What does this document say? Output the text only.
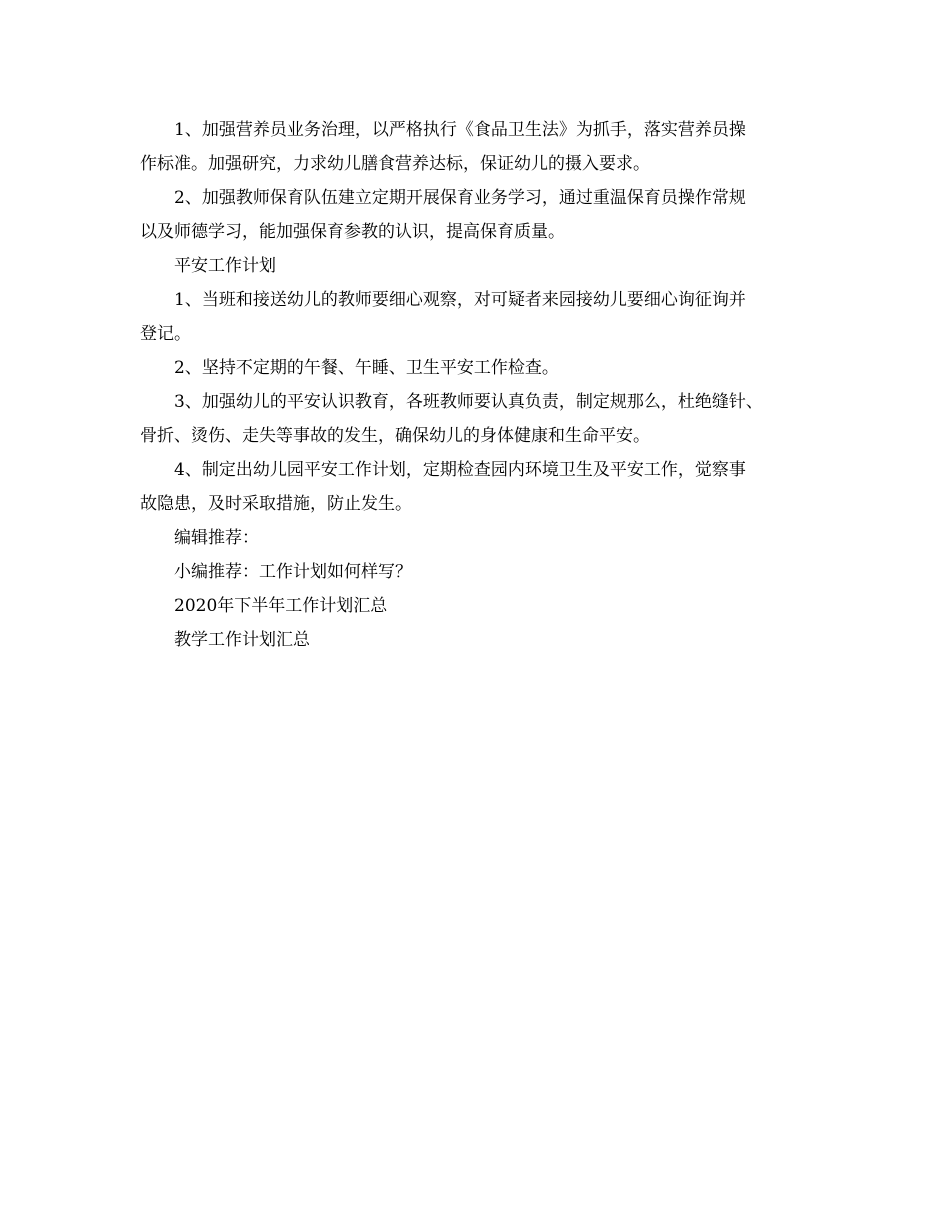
1、加强营养员业务治理，以严格执行《食品卫生法》为抓手，落实营养员操
作标准。加强研究，力求幼儿膳食营养达标，保证幼儿的摄入要求。

2、加强教师保育队伍建立定期开展保育业务学习，通过重温保育员操作常规
以及师德学习，能加强保育参教的认识，提高保育质量。

平安工作计划

1、当班和接送幼儿的教师要细心观察，对可疑者来园接幼儿要细心询征询并
登记。

2、坚持不定期的午餐、午睡、卫生平安工作检查。

3、加强幼儿的平安认识教育，各班教师要认真负责，制定规那么，杜绝缝针、
骨折、烫伤、走失等事故的发生，确保幼儿的身体健康和生命平安。

4、制定出幼儿园平安工作计划，定期检查园内环境卫生及平安工作，觉察事
故隐患，及时采取措施，防止发生。

编辑推荐：

小编推荐：工作计划如何样写？

2020年下半年工作计划汇总

教学工作计划汇总
